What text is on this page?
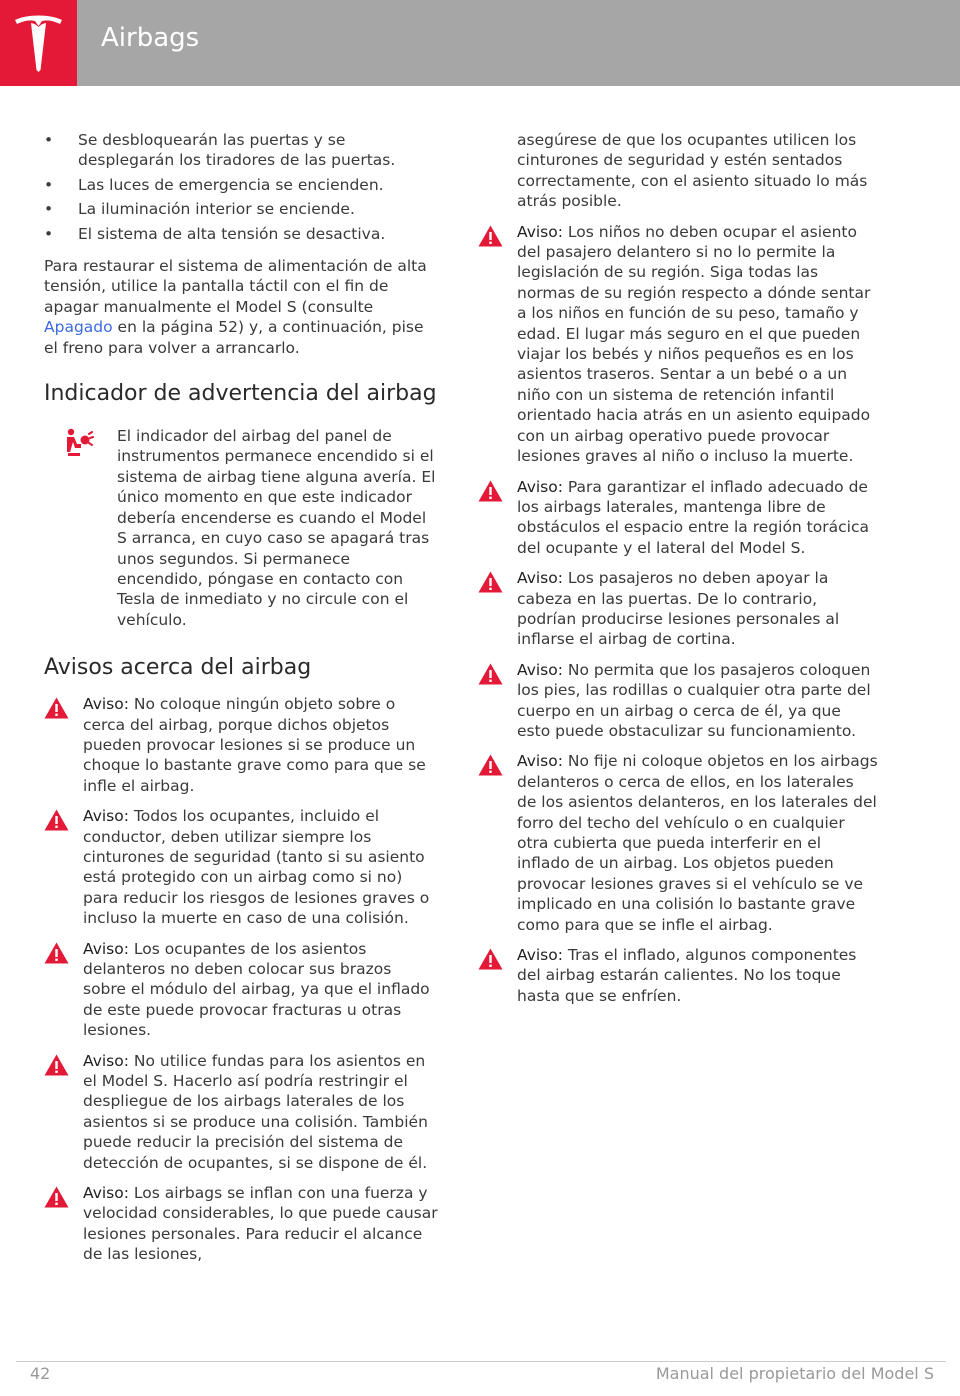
Airbags
• Se desbloquearán las puertas y se desplegarán los tiradores de las puertas.
• Las luces de emergencia se encienden.
• La iluminación interior se enciende.
• El sistema de alta tensión se desactiva.

Para restaurar el sistema de alimentación de alta tensión, utilice la pantalla táctil con el fin de apagar manualmente el Model S (consulte Apagado en la página 52) y, a continuación, pise el freno para volver a arrancarlo.

Indicador de advertencia del airbag

El indicador del airbag del panel de instrumentos permanece encendido si el sistema de airbag tiene alguna avería. El único momento en que este indicador debería encenderse es cuando el Model S arranca, en cuyo caso se apagará tras unos segundos. Si permanece encendido, póngase en contacto con Tesla de inmediato y no circule con el vehículo.

Avisos acerca del airbag

Aviso: No coloque ningún objeto sobre o cerca del airbag, porque dichos objetos pueden provocar lesiones si se produce un choque lo bastante grave como para que se infle el airbag.

Aviso: Todos los ocupantes, incluido el conductor, deben utilizar siempre los cinturones de seguridad (tanto si su asiento está protegido con un airbag como si no) para reducir los riesgos de lesiones graves o incluso la muerte en caso de una colisión.

Aviso: Los ocupantes de los asientos delanteros no deben colocar sus brazos sobre el módulo del airbag, ya que el inflado de este puede provocar fracturas u otras lesiones.

Aviso: No utilice fundas para los asientos en el Model S. Hacerlo así podría restringir el despliegue de los airbags laterales de los asientos si se produce una colisión. También puede reducir la precisión del sistema de detección de ocupantes, si se dispone de él.

Aviso: Los airbags se inflan con una fuerza y velocidad considerables, lo que puede causar lesiones personales. Para reducir el alcance de las lesiones,

asegúrese de que los ocupantes utilicen los cinturones de seguridad y estén sentados correctamente, con el asiento situado lo más atrás posible.

Aviso: Los niños no deben ocupar el asiento del pasajero delantero si no lo permite la legislación de su región. Siga todas las normas de su región respecto a dónde sentar a los niños en función de su peso, tamaño y edad. El lugar más seguro en el que pueden viajar los bebés y niños pequeños es en los asientos traseros. Sentar a un bebé o a un niño con un sistema de retención infantil orientado hacia atrás en un asiento equipado con un airbag operativo puede provocar lesiones graves al niño o incluso la muerte.

Aviso: Para garantizar el inflado adecuado de los airbags laterales, mantenga libre de obstáculos el espacio entre la región torácica del ocupante y el lateral del Model S.

Aviso: Los pasajeros no deben apoyar la cabeza en las puertas. De lo contrario, podrían producirse lesiones personales al inflarse el airbag de cortina.

Aviso: No permita que los pasajeros coloquen los pies, las rodillas o cualquier otra parte del cuerpo en un airbag o cerca de él, ya que esto puede obstaculizar su funcionamiento.

Aviso: No fije ni coloque objetos en los airbags delanteros o cerca de ellos, en los laterales de los asientos delanteros, en los laterales del forro del techo del vehículo o en cualquier otra cubierta que pueda interferir en el inflado de un airbag. Los objetos pueden provocar lesiones graves si el vehículo se ve implicado en una colisión lo bastante grave como para que se infle el airbag.

Aviso: Tras el inflado, algunos componentes del airbag estarán calientes. No los toque hasta que se enfríen.

42	Manual del propietario del Model S
